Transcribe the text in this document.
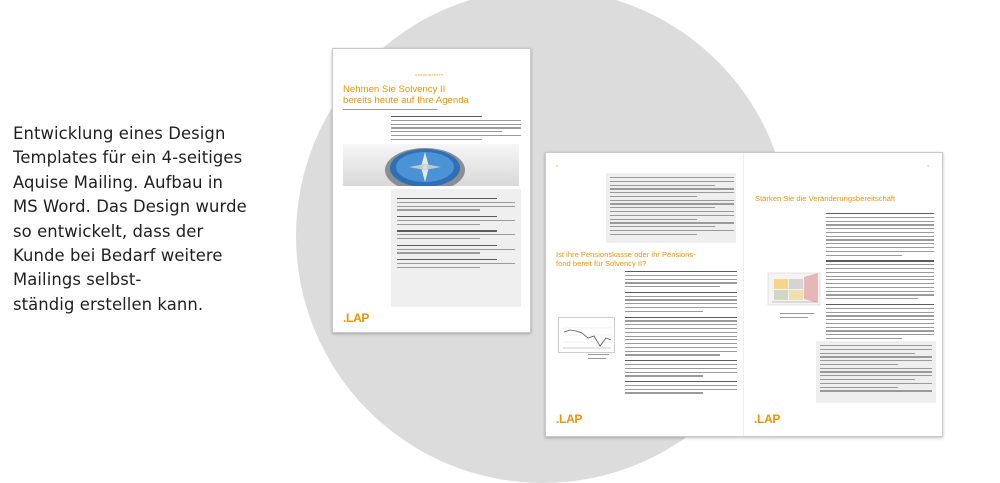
Entwicklung eines Design
Templates für ein 4-seitiges
Aquise Mailing. Aufbau in
MS Word. Das Design wurde
so entwickelt, dass der
Kunde bei Bedarf weitere
Mailings selbst-
ständig erstellen kann.
VORWORTEXTE
Nehmen Sie Solvency II
bereits heute auf Ihre Agenda
.LAP
2	3
Ist ihre Pensionskasse oder ihr Pensions-
fond bereit für Solvency II?
Stärken Sie die Veränderungsbereitschaft
.LAP	.LAP
